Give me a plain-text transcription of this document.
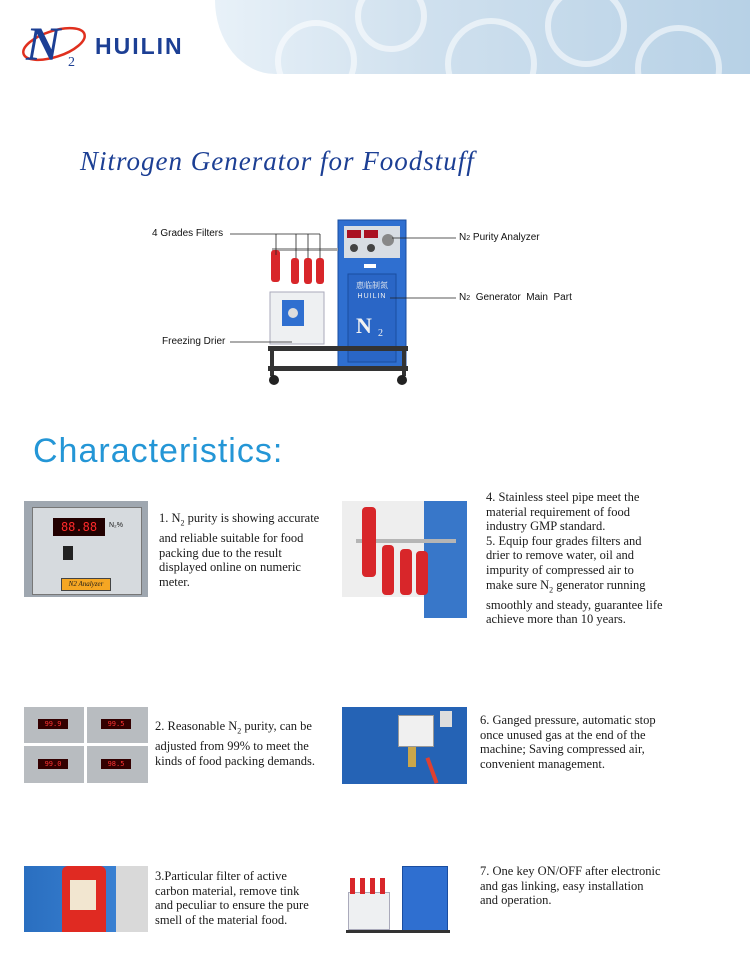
N 2
HUILIN
Nitrogen Generator for Foodstuff
惠临制氮
HUILIN
N 2
4 Grades Filters
Freezing Drier
N2 Purity Analyzer
N2  Generator  Main  Part
Characteristics:
88.88	N₂%
N2 Analyzer
1. $N_2$ purity is showing accurate
and reliable suitable for food
packing due to the result
displayed online on numeric
meter.
99.9	99.5
99.0	98.5
2. Reasonable $N_2$ purity, can be
adjusted from 99% to meet the
kinds of food packing demands.
3.Particular filter of active
carbon material, remove tink
and peculiar to ensure the pure
smell of the material food.
4. Stainless steel pipe meet the
material requirement of food
industry GMP standard.
5. Equip four grades filters and
drier to remove water, oil and
impurity of compressed air to
make sure $N_2$ generator running
smoothly and steady, guarantee life
achieve more than 10 years.
6. Ganged pressure, automatic stop
once unused gas at the end of the
machine; Saving compressed air,
convenient management.
7. One key ON/OFF after electronic
and gas linking, easy installation
and operation.
